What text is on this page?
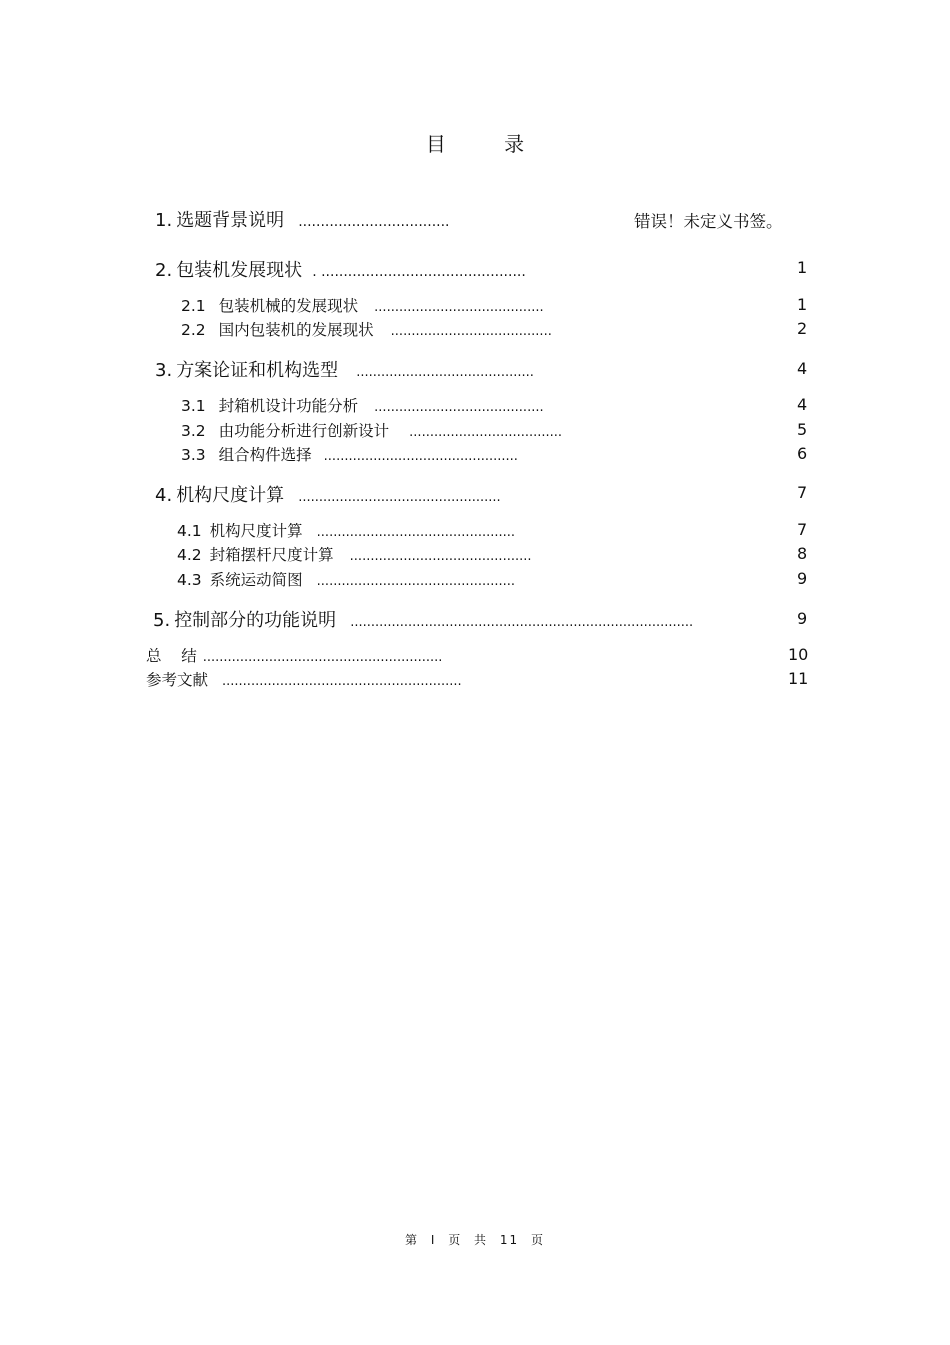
目 录
1. 选题背景说明 ..................................	错误！未定义书签。
2. 包装机发展现状 . ..............................................	1
2.1 包装机械的发展现状 .........................................	1
2.2 国内包装机的发展现状 .......................................	2
3. 方案论证和机构选型 ...........................................	4
3.1 封箱机设计功能分析 .........................................	4
3.2 由功能分析进行创新设计 .....................................	5
3.3 组合构件选择 ...............................................	6
4. 机构尺度计算 .................................................	7
4.1 机构尺度计算 ................................................	7
4.2 封箱摆杆尺度计算 ............................................	8
4.3 系统运动简图 ................................................	9
5. 控制部分的功能说明 ...................................................................................	9
总    结 ..........................................................	10
参考文献 ..........................................................	11
第 I 页 共 11 页
